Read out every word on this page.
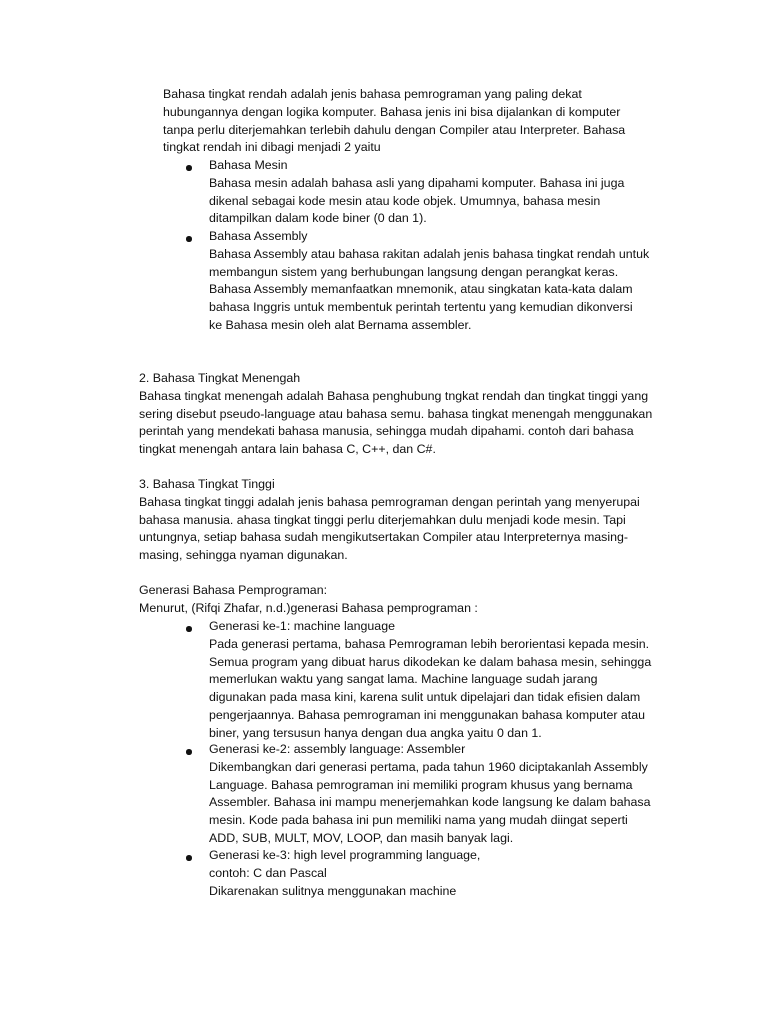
Bahasa tingkat rendah adalah jenis bahasa pemrograman yang paling dekat
hubungannya dengan logika komputer. Bahasa jenis ini bisa dijalankan di komputer
tanpa perlu diterjemahkan terlebih dahulu dengan Compiler atau Interpreter. Bahasa
tingkat rendah ini dibagi menjadi 2 yaitu
Bahasa Mesin
Bahasa mesin adalah bahasa asli yang dipahami komputer. Bahasa ini juga
dikenal sebagai kode mesin atau kode objek. Umumnya, bahasa mesin
ditampilkan dalam kode biner (0 dan 1).
Bahasa Assembly
Bahasa Assembly atau bahasa rakitan adalah jenis bahasa tingkat rendah untuk
membangun sistem yang berhubungan langsung dengan perangkat keras.
Bahasa Assembly memanfaatkan mnemonik, atau singkatan kata-kata dalam
bahasa Inggris untuk membentuk perintah tertentu yang kemudian dikonversi
ke Bahasa mesin oleh alat Bernama assembler.
2. Bahasa Tingkat Menengah
Bahasa tingkat menengah adalah Bahasa penghubung tngkat rendah dan tingkat tinggi yang
sering disebut pseudo-language atau bahasa semu. bahasa tingkat menengah menggunakan
perintah yang mendekati bahasa manusia, sehingga mudah dipahami. contoh dari bahasa
tingkat menengah antara lain bahasa C, C++, dan C#.
3. Bahasa Tingkat Tinggi
Bahasa tingkat tinggi adalah jenis bahasa pemrograman dengan perintah yang menyerupai
bahasa manusia. ahasa tingkat tinggi perlu diterjemahkan dulu menjadi kode mesin. Tapi
untungnya, setiap bahasa sudah mengikutsertakan Compiler atau Interpreternya masing-
masing, sehingga nyaman digunakan.
Generasi Bahasa Pemprograman:
Menurut, (Rifqi Zhafar, n.d.)generasi Bahasa pemprograman :
Generasi ke-1: machine language
Pada generasi pertama, bahasa Pemrograman lebih berorientasi kepada mesin.
Semua program yang dibuat harus dikodekan ke dalam bahasa mesin, sehingga
memerlukan waktu yang sangat lama. Machine language sudah jarang
digunakan pada masa kini, karena sulit untuk dipelajari dan tidak efisien dalam
pengerjaannya. Bahasa pemrograman ini menggunakan bahasa komputer atau
biner, yang tersusun hanya dengan dua angka yaitu 0 dan 1.
Generasi ke-2: assembly language: Assembler
Dikembangkan dari generasi pertama, pada tahun 1960 diciptakanlah Assembly
Language. Bahasa pemrograman ini memiliki program khusus yang bernama
Assembler. Bahasa ini mampu menerjemahkan kode langsung ke dalam bahasa
mesin. Kode pada bahasa ini pun memiliki nama yang mudah diingat seperti
ADD, SUB, MULT, MOV, LOOP, dan masih banyak lagi.
Generasi ke-3: high level programming language,
contoh: C dan Pascal
Dikarenakan sulitnya menggunakan machine
